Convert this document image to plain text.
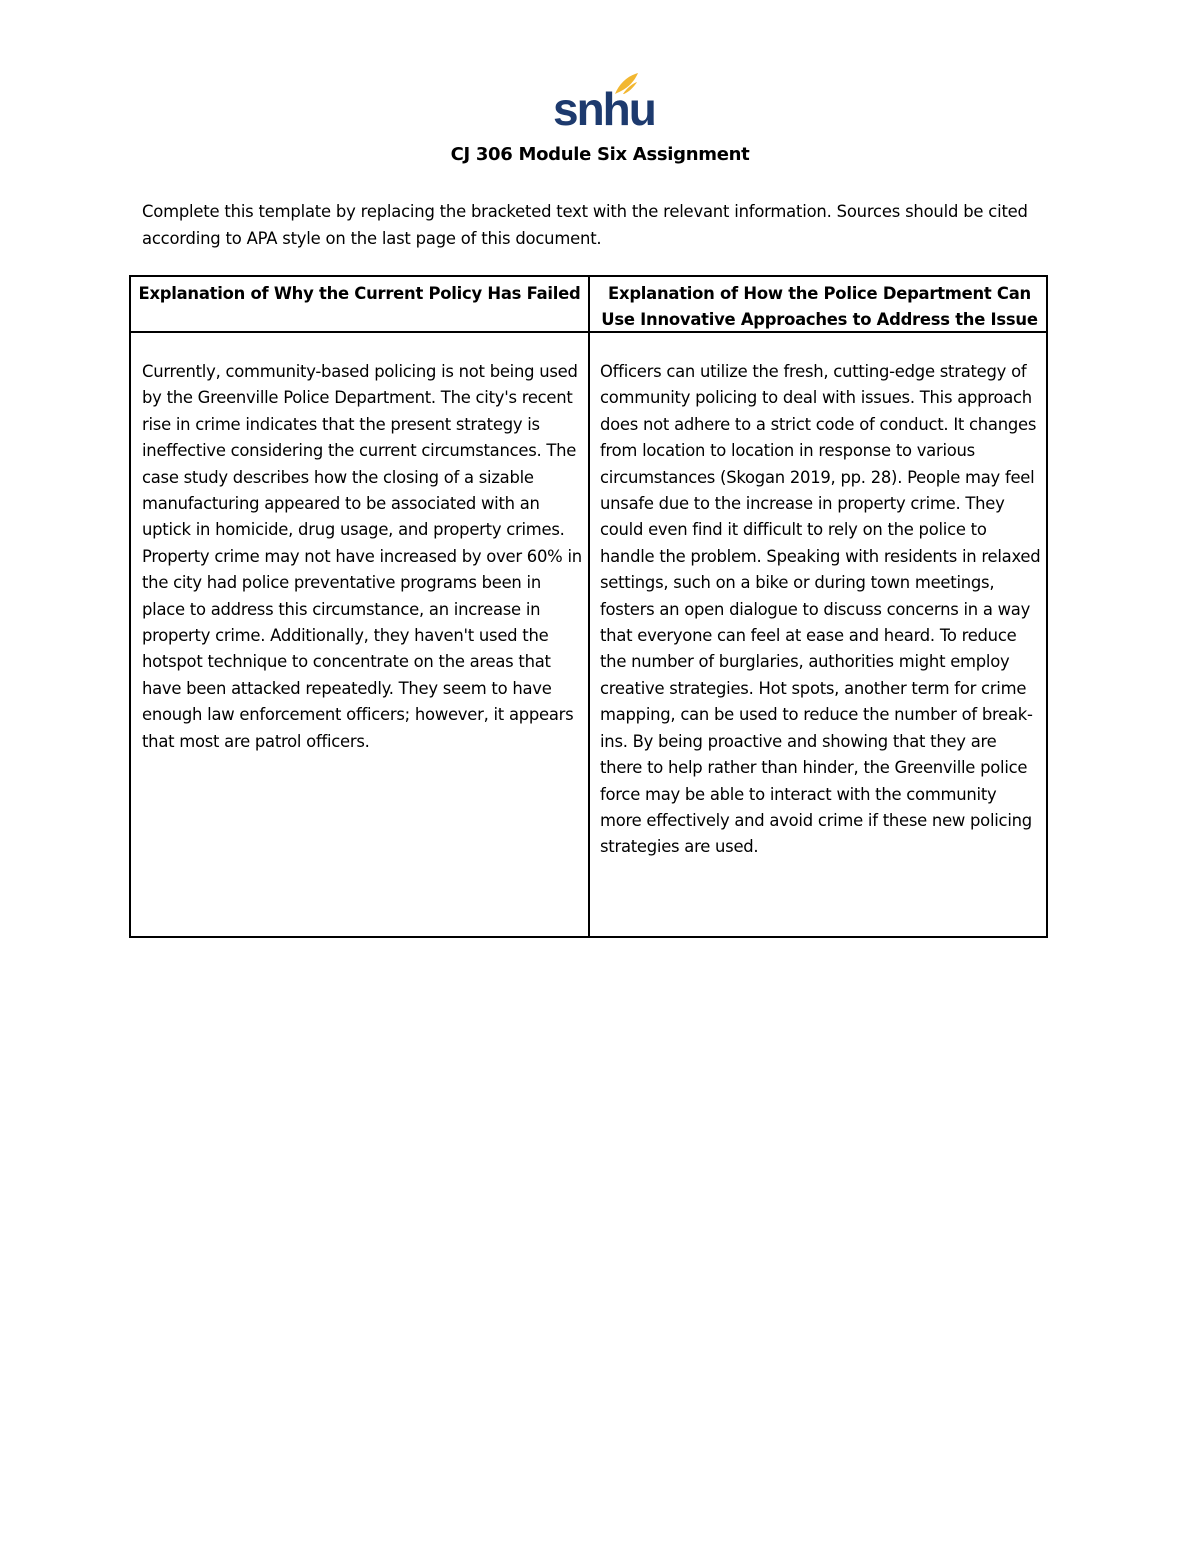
snhu
CJ 306 Module Six Assignment
Complete this template by replacing the bracketed text with the relevant information. Sources should be cited according to APA style on the last page of this document.
Explanation of Why the Current Policy Has Failed	Explanation of How the Police Department Can Use Innovative Approaches to Address the Issue
Currently, community-based policing is not being used by the Greenville Police Department. The city's recent rise in crime indicates that the present strategy is ineffective considering the current circumstances. The case study describes how the closing of a sizable manufacturing appeared to be associated with an uptick in homicide, drug usage, and property crimes. Property crime may not have increased by over 60% in the city had police preventative programs been in place to address this circumstance, an increase in property crime. Additionally, they haven't used the hotspot technique to concentrate on the areas that have been attacked repeatedly. They seem to have enough law enforcement officers; however, it appears that most are patrol officers.
Officers can utilize the fresh, cutting-edge strategy of community policing to deal with issues. This approach does not adhere to a strict code of conduct. It changes from location to location in response to various circumstances (Skogan 2019, pp. 28). People may feel unsafe due to the increase in property crime. They could even find it difficult to rely on the police to handle the problem. Speaking with residents in relaxed settings, such on a bike or during town meetings, fosters an open dialogue to discuss concerns in a way that everyone can feel at ease and heard. To reduce the number of burglaries, authorities might employ creative strategies. Hot spots, another term for crime mapping, can be used to reduce the number of break-ins. By being proactive and showing that they are there to help rather than hinder, the Greenville police force may be able to interact with the community more effectively and avoid crime if these new policing strategies are used.
